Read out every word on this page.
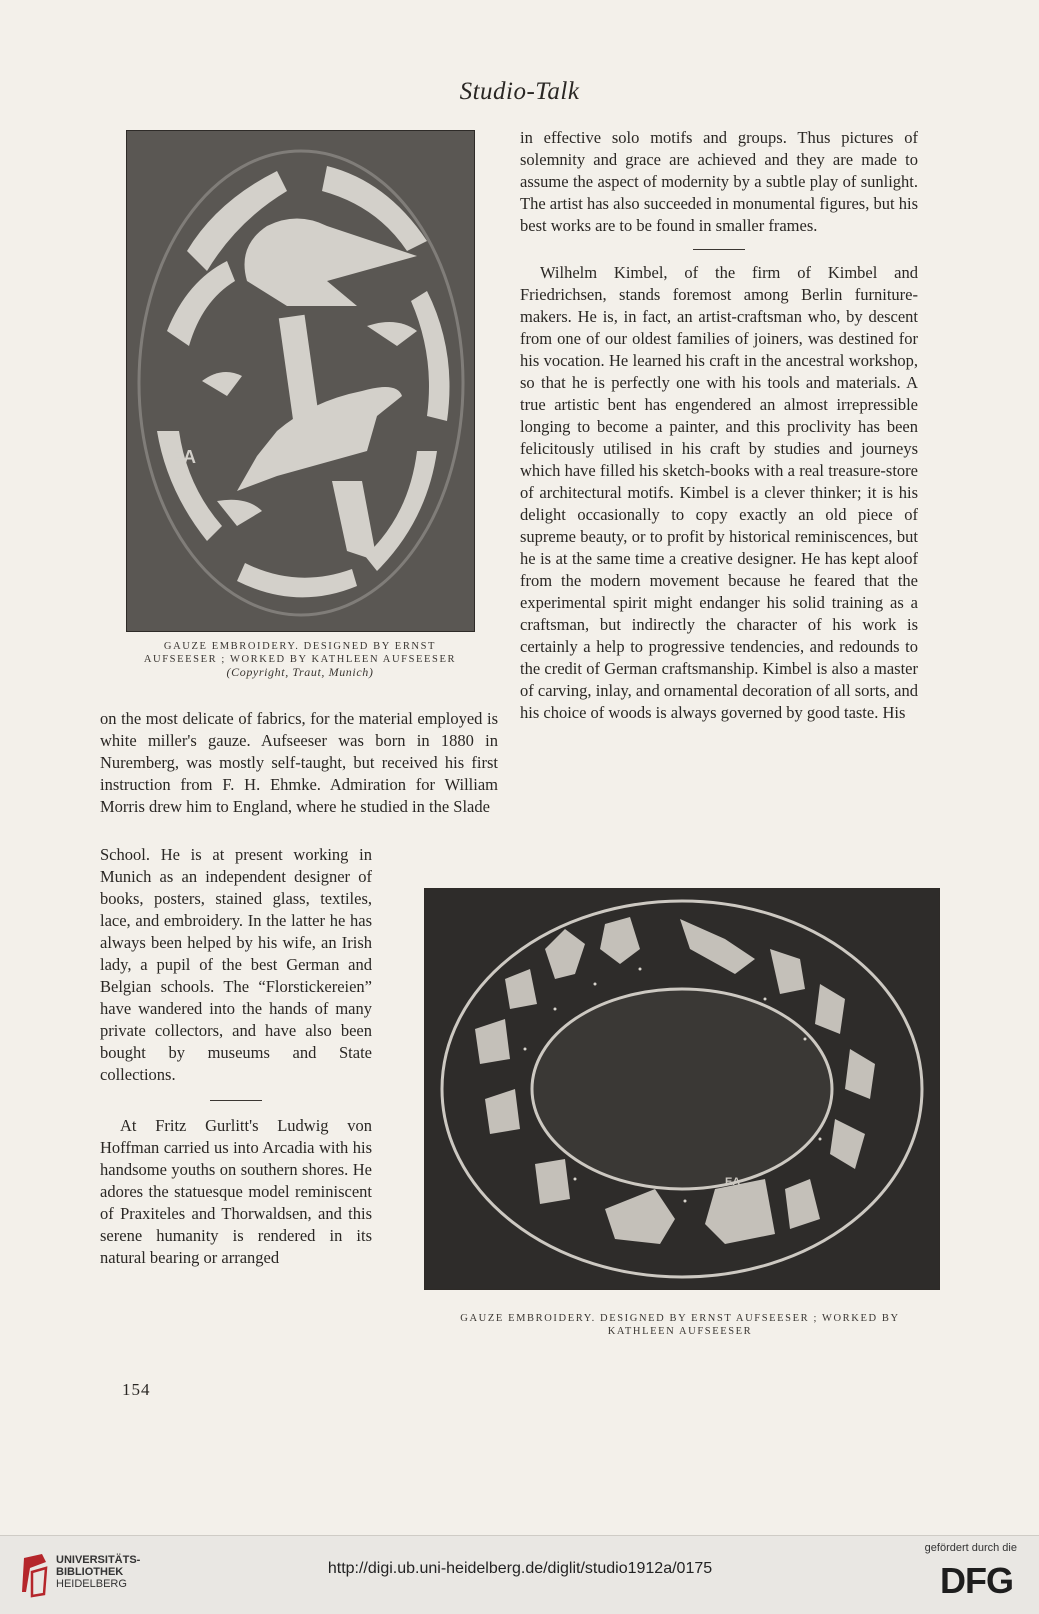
Studio-Talk
EA
GAUZE EMBROIDERY. DESIGNED BY ERNST
AUFSEESER ; WORKED BY KATHLEEN AUFSEESER
(Copyright, Traut, Munich)

in effective solo motifs and groups. Thus pictures of solemnity and grace are achieved and they are made to assume the aspect of modernity by a subtle play of sunlight. The artist has also succeeded in monumental figures, but his best works are to be found in smaller frames.

Wilhelm Kimbel, of the firm of Kimbel and Friedrichsen, stands foremost among Berlin furniture-makers. He is, in fact, an artist-craftsman who, by descent from one of our oldest families of joiners, was destined for his vocation. He learned his craft in the ancestral workshop, so that he is perfectly one with his tools and materials. A true artistic bent has engendered an almost irrepressible longing to become a painter, and this proclivity has been felicitously utilised in his craft by studies and journeys which have filled his sketch-books with a real treasure-store of architectural motifs. Kimbel is a clever thinker; it is his delight occasionally to copy exactly an old piece of supreme beauty, or to profit by historical reminiscences, but he is at the same time a creative designer. He has kept aloof from the modern movement because he feared that the experimental spirit might endanger his solid training as a craftsman, but indirectly the character of his work is certainly a help to progressive tendencies, and redounds to the credit of German craftsmanship. Kimbel is also a master of carving, inlay, and ornamental decoration of all sorts, and his choice of woods is always governed by good taste. His

on the most delicate of fabrics, for the material employed is white miller's gauze. Aufseeser was born in 1880 in Nuremberg, was mostly self-taught, but received his first instruction from F. H. Ehmke. Admiration for William Morris drew him to England, where he studied in the Slade

School. He is at present working in Munich as an independent designer of books, posters, stained glass, textiles, lace, and embroidery. In the latter he has always been helped by his wife, an Irish lady, a pupil of the best German and Belgian schools. The “Florstickereien” have wandered into the hands of many private collectors, and have also been bought by museums and State collections.

At Fritz Gurlitt's Ludwig von Hoffman carried us into Arcadia with his handsome youths on southern shores. He adores the statuesque model reminiscent of Praxiteles and Thorwaldsen, and this serene humanity is rendered in its natural bearing or arranged

EA
GAUZE EMBROIDERY. DESIGNED BY ERNST AUFSEESER ; WORKED BY
KATHLEEN AUFSEESER
154
UNIVERSITÄTS-
BIBLIOTHEK
HEIDELBERG
http://digi.ub.uni-heidelberg.de/diglit/studio1912a/0175
gefördert durch die
DFG
